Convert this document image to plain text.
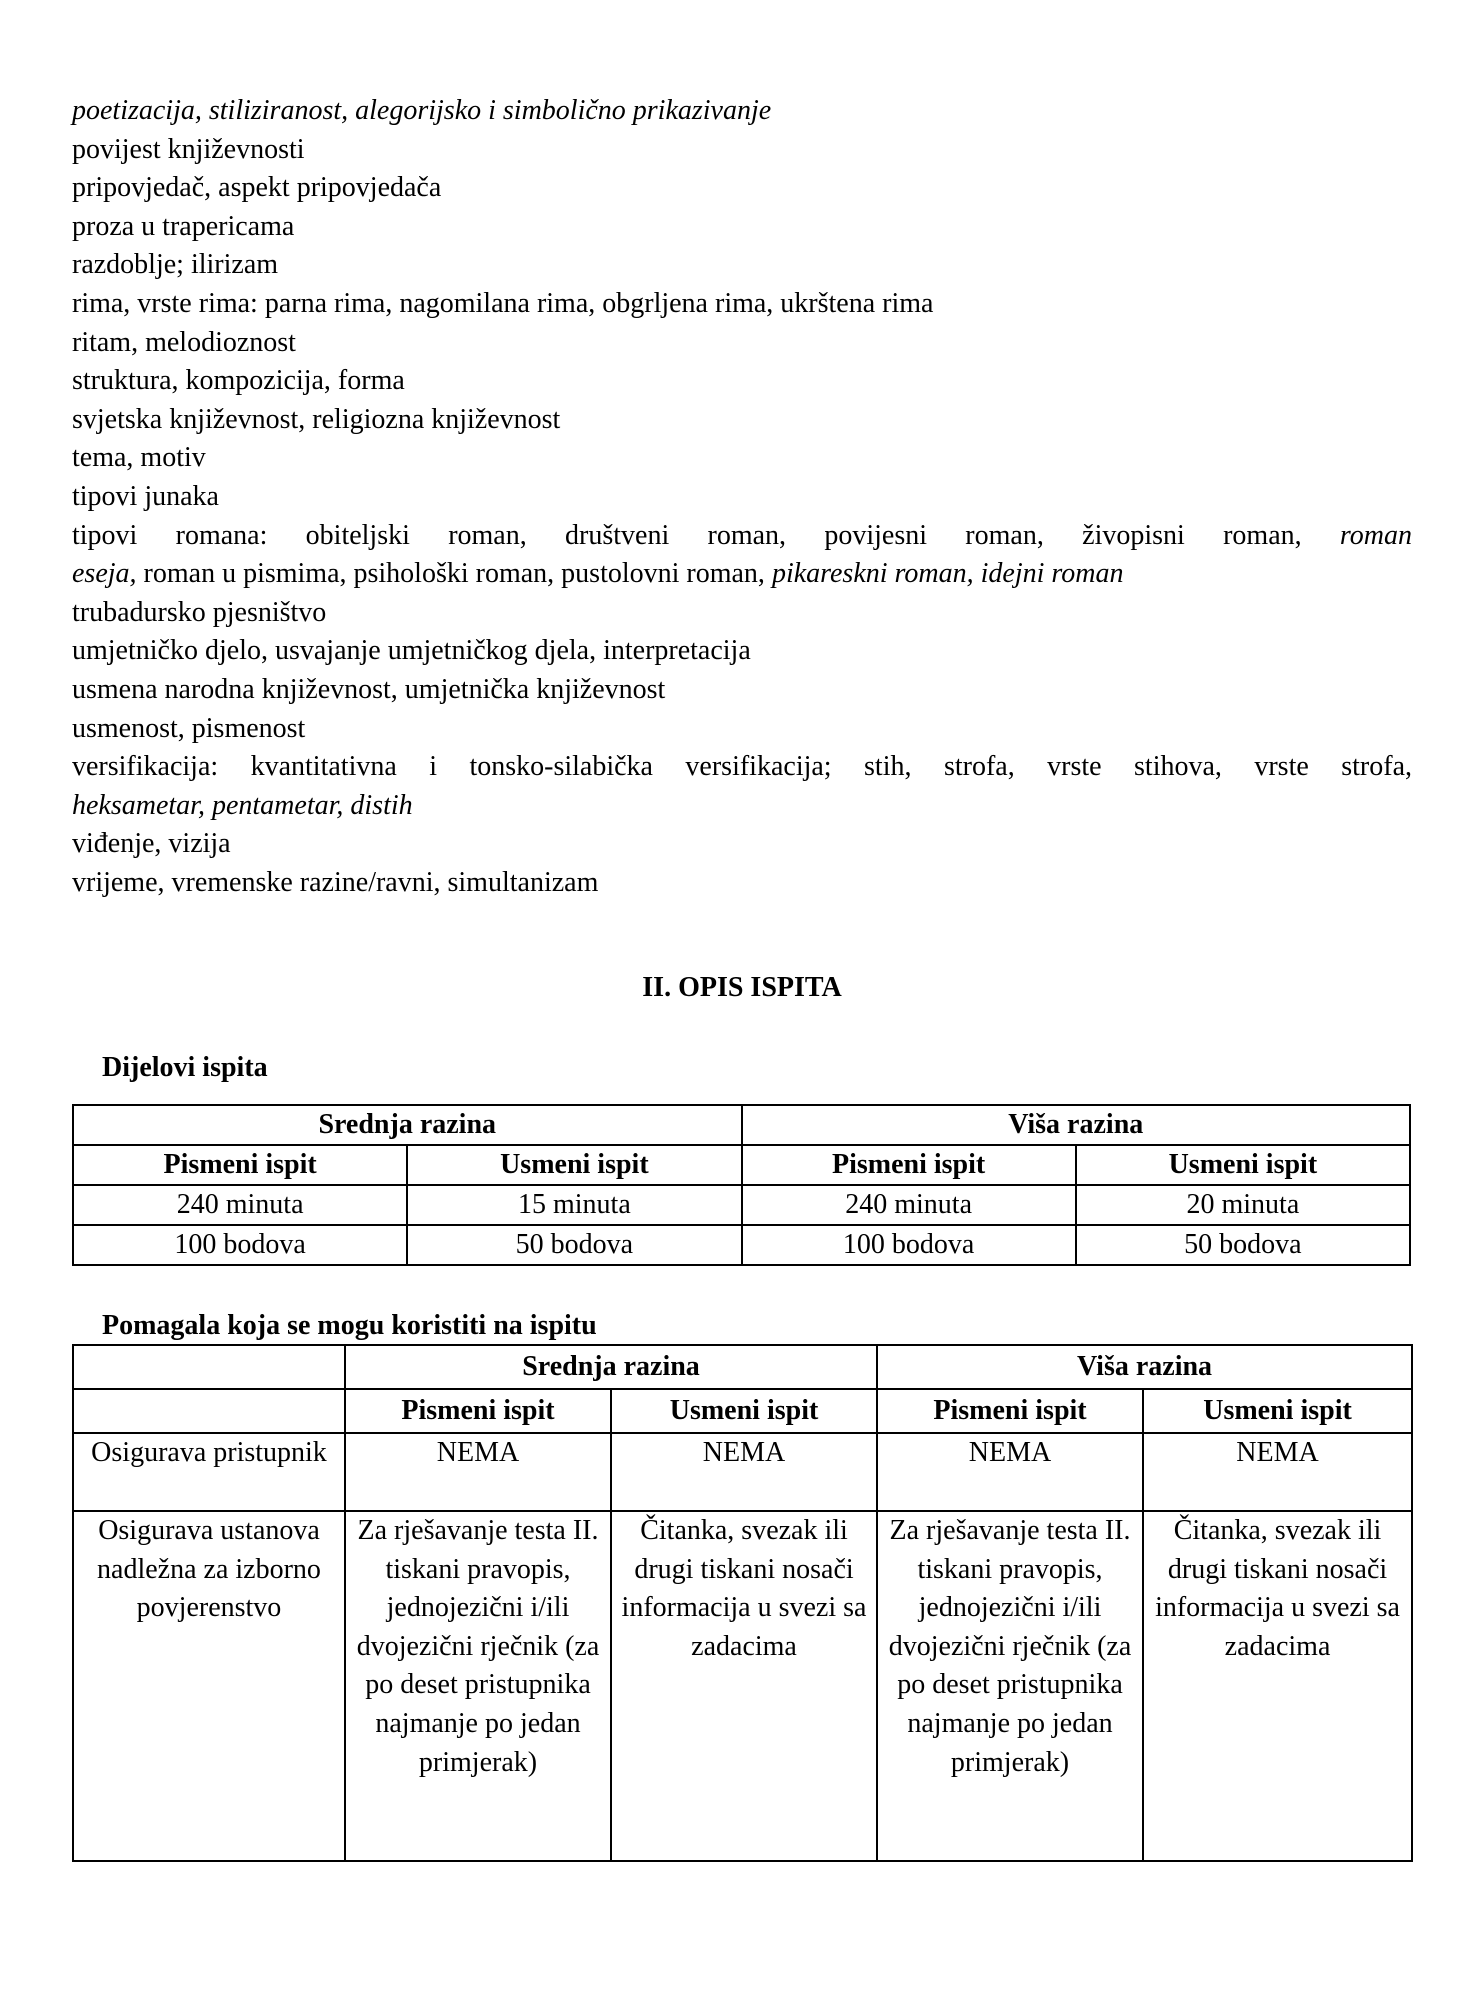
poetizacija, stiliziranost, alegorijsko i simbolično prikazivanje
povijest književnosti
pripovjedač, aspekt pripovjedača
proza u trapericama
razdoblje; ilirizam
rima, vrste rima: parna rima, nagomilana rima, obgrljena rima, ukrštena rima
ritam, melodioznost
struktura, kompozicija, forma
svjetska književnost, religiozna književnost
tema, motiv
tipovi junaka
tipovi romana: obiteljski roman, društveni roman, povijesni roman, živopisni roman, roman
eseja, roman u pismima, psihološki roman, pustolovni roman, pikareskni roman, idejni roman
trubadursko pjesništvo
umjetničko djelo, usvajanje umjetničkog djela, interpretacija
usmena narodna književnost, umjetnička književnost
usmenost, pismenost
versifikacija: kvantitativna i tonsko-silabička versifikacija; stih, strofa, vrste stihova, vrste strofa,
heksametar, pentametar, distih
viđenje, vizija
vrijeme, vremenske razine/ravni, simultanizam
II. OPIS ISPITA
Dijelovi ispita
Srednja razina		Viša razina	
Pismeni ispit	Usmeni ispit	Pismeni ispit	Usmeni ispit
240 minuta	15 minuta	240 minuta	20 minuta
100 bodova	50 bodova	100 bodova	50 bodova
Pomagala koja se mogu koristiti na ispitu
	Srednja razina		Viša razina	
	Pismeni ispit	Usmeni ispit	Pismeni ispit	Usmeni ispit
Osigurava pristupnik	NEMA	NEMA	NEMA	NEMA
Osigurava ustanova nadležna za izborno povjerenstvo	Za rješavanje testa II. tiskani pravopis, jednojezični i/ili dvojezični rječnik (za po deset pristupnika najmanje po jedan primjerak)	Čitanka, svezak ili drugi tiskani nosači informacija u svezi sa zadacima	Za rješavanje testa II. tiskani pravopis, jednojezični i/ili dvojezični rječnik (za po deset pristupnika najmanje po jedan primjerak)	Čitanka, svezak ili drugi tiskani nosači informacija u svezi sa zadacima
